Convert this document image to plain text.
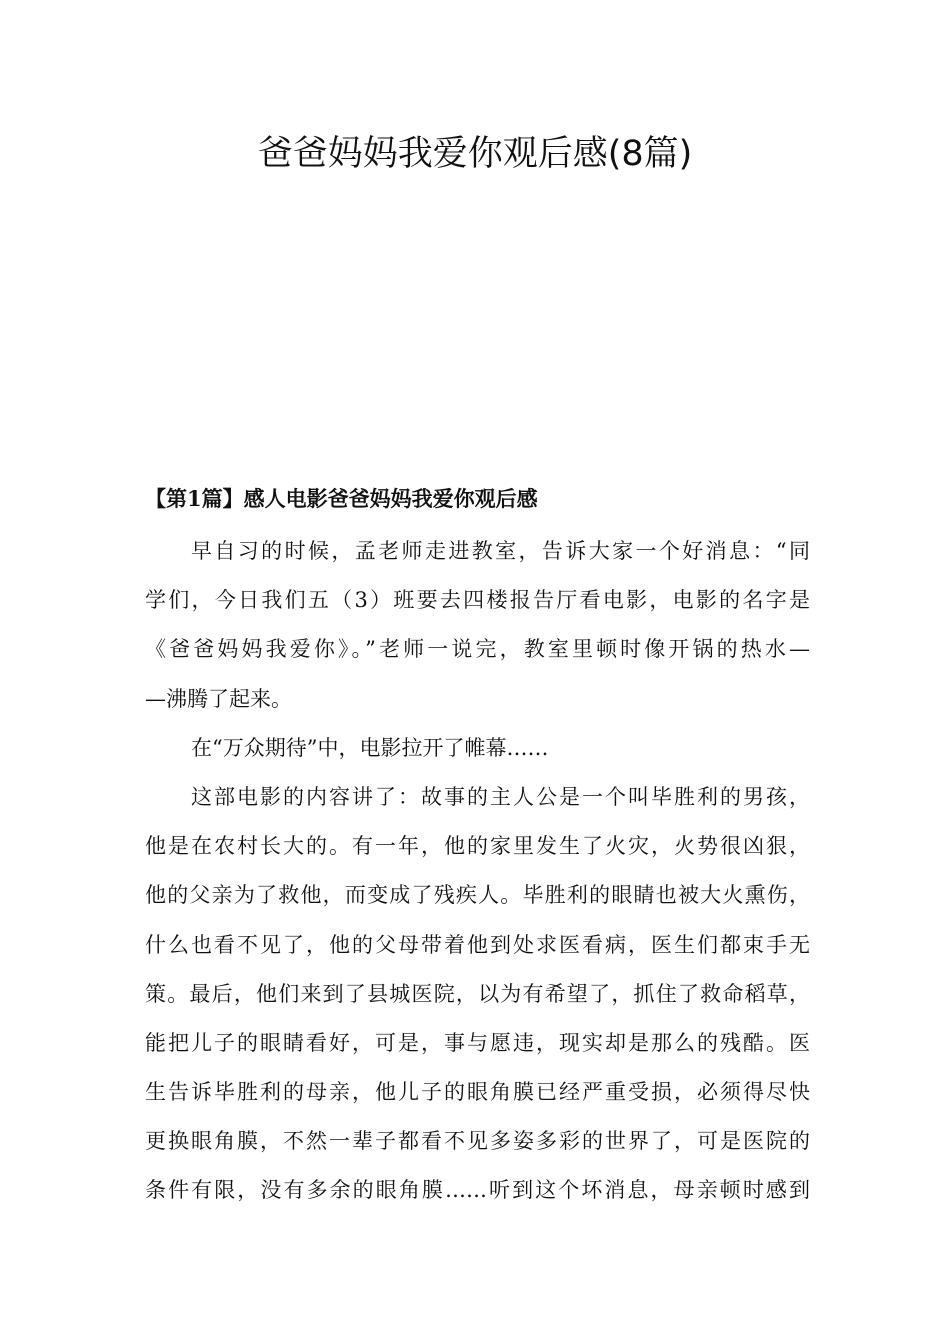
爸爸妈妈我爱你观后感(8篇)
【第1篇】感人电影爸爸妈妈我爱你观后感
早自习的时候，孟老师走进教室，告诉大家一个好消息：“同
学们，今日我们五（3）班要去四楼报告厅看电影，电影的名字是
《爸爸妈妈我爱你》。”老师一说完，教室里顿时像开锅的热水—
—沸腾了起来。
在“万众期待”中，电影拉开了帷幕……
这部电影的内容讲了：故事的主人公是一个叫毕胜利的男孩，
他是在农村长大的。有一年，他的家里发生了火灾，火势很凶狠，
他的父亲为了救他，而变成了残疾人。毕胜利的眼睛也被大火熏伤，
什么也看不见了，他的父母带着他到处求医看病，医生们都束手无
策。最后，他们来到了县城医院，以为有希望了，抓住了救命稻草，
能把儿子的眼睛看好，可是，事与愿违，现实却是那么的残酷。医
生告诉毕胜利的母亲，他儿子的眼角膜已经严重受损，必须得尽快
更换眼角膜，不然一辈子都看不见多姿多彩的世界了，可是医院的
条件有限，没有多余的眼角膜……听到这个坏消息，母亲顿时感到
